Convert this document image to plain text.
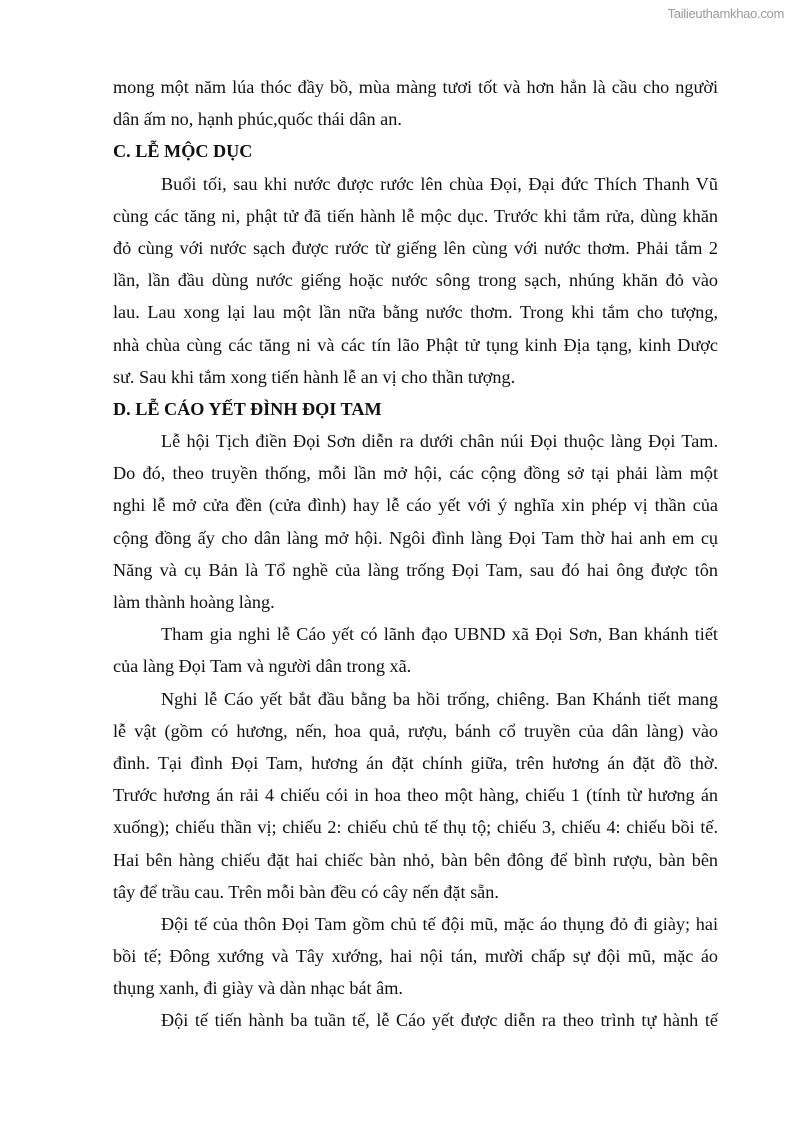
Tailieuthamkhao.com
mong một năm lúa thóc đầy bồ, mùa màng tươi tốt và hơn hẳn là cầu cho người
dân ấm no, hạnh phúc,quốc thái dân an.
C. LỄ MỘC DỤC
Buổi tối, sau khi nước được rước lên chùa Đọi, Đại đức Thích Thanh Vũ
cùng các tăng ni, phật tử đã tiến hành lễ mộc dục. Trước khi tắm rửa, dùng khăn
đỏ cùng với nước sạch được rước từ giếng lên cùng với nước thơm. Phải tắm 2
lần, lần đầu dùng nước giếng hoặc nước sông trong sạch, nhúng khăn đỏ vào
lau. Lau xong lại lau một lần nữa bằng nước thơm. Trong khi tắm cho tượng,
nhà chùa cùng các tăng ni và các tín lão Phật tử tụng kinh Địa tạng, kinh Dược
sư. Sau khi tắm xong tiến hành lễ an vị cho thần tượng.
D. LỄ CÁO YẾT ĐÌNH ĐỌI TAM
Lễ hội Tịch điền Đọi Sơn diễn ra dưới chân núi Đọi thuộc làng Đọi Tam.
Do đó, theo truyền thống, mỗi lần mở hội, các cộng đồng sở tại phải làm một
nghi lễ mở cửa đền (cửa đình) hay lễ cáo yết với ý nghĩa xin phép vị thần của
cộng đồng ấy cho dân làng mở hội. Ngôi đình làng Đọi Tam thờ hai anh em cụ
Năng và cụ Bản là Tổ nghề của làng trống Đọi Tam, sau đó hai ông được tôn
làm thành hoàng làng.
Tham gia nghi lễ Cáo yết có lãnh đạo UBND xã Đọi Sơn, Ban khánh tiết
của làng Đọi Tam và người dân trong xã.
Nghi lễ Cáo yết bắt đầu bằng ba hồi trống, chiêng. Ban Khánh tiết mang
lễ vật (gồm có hương, nến, hoa quả, rượu, bánh cổ truyền của dân làng) vào
đình. Tại đình Đọi Tam, hương án đặt chính giữa, trên hương án đặt đồ thờ.
Trước hương án rải 4 chiếu cói in hoa theo một hàng, chiếu 1 (tính từ hương án
xuống); chiếu thần vị; chiếu 2: chiếu chủ tế thụ tộ; chiếu 3, chiếu 4: chiếu bồi tế.
Hai bên hàng chiếu đặt hai chiếc bàn nhỏ, bàn bên đông để bình rượu, bàn bên
tây để trầu cau. Trên mỗi bàn đều có cây nến đặt sẵn.
Đội tế của thôn Đọi Tam gồm chủ tế đội mũ, mặc áo thụng đỏ đi giày; hai
bồi tế; Đông xướng và Tây xướng, hai nội tán, mười chấp sự đội mũ, mặc áo
thụng xanh, đi giày và dàn nhạc bát âm.
Đội tế tiến hành ba tuần tế, lễ Cáo yết được diễn ra theo trình tự hành tế
